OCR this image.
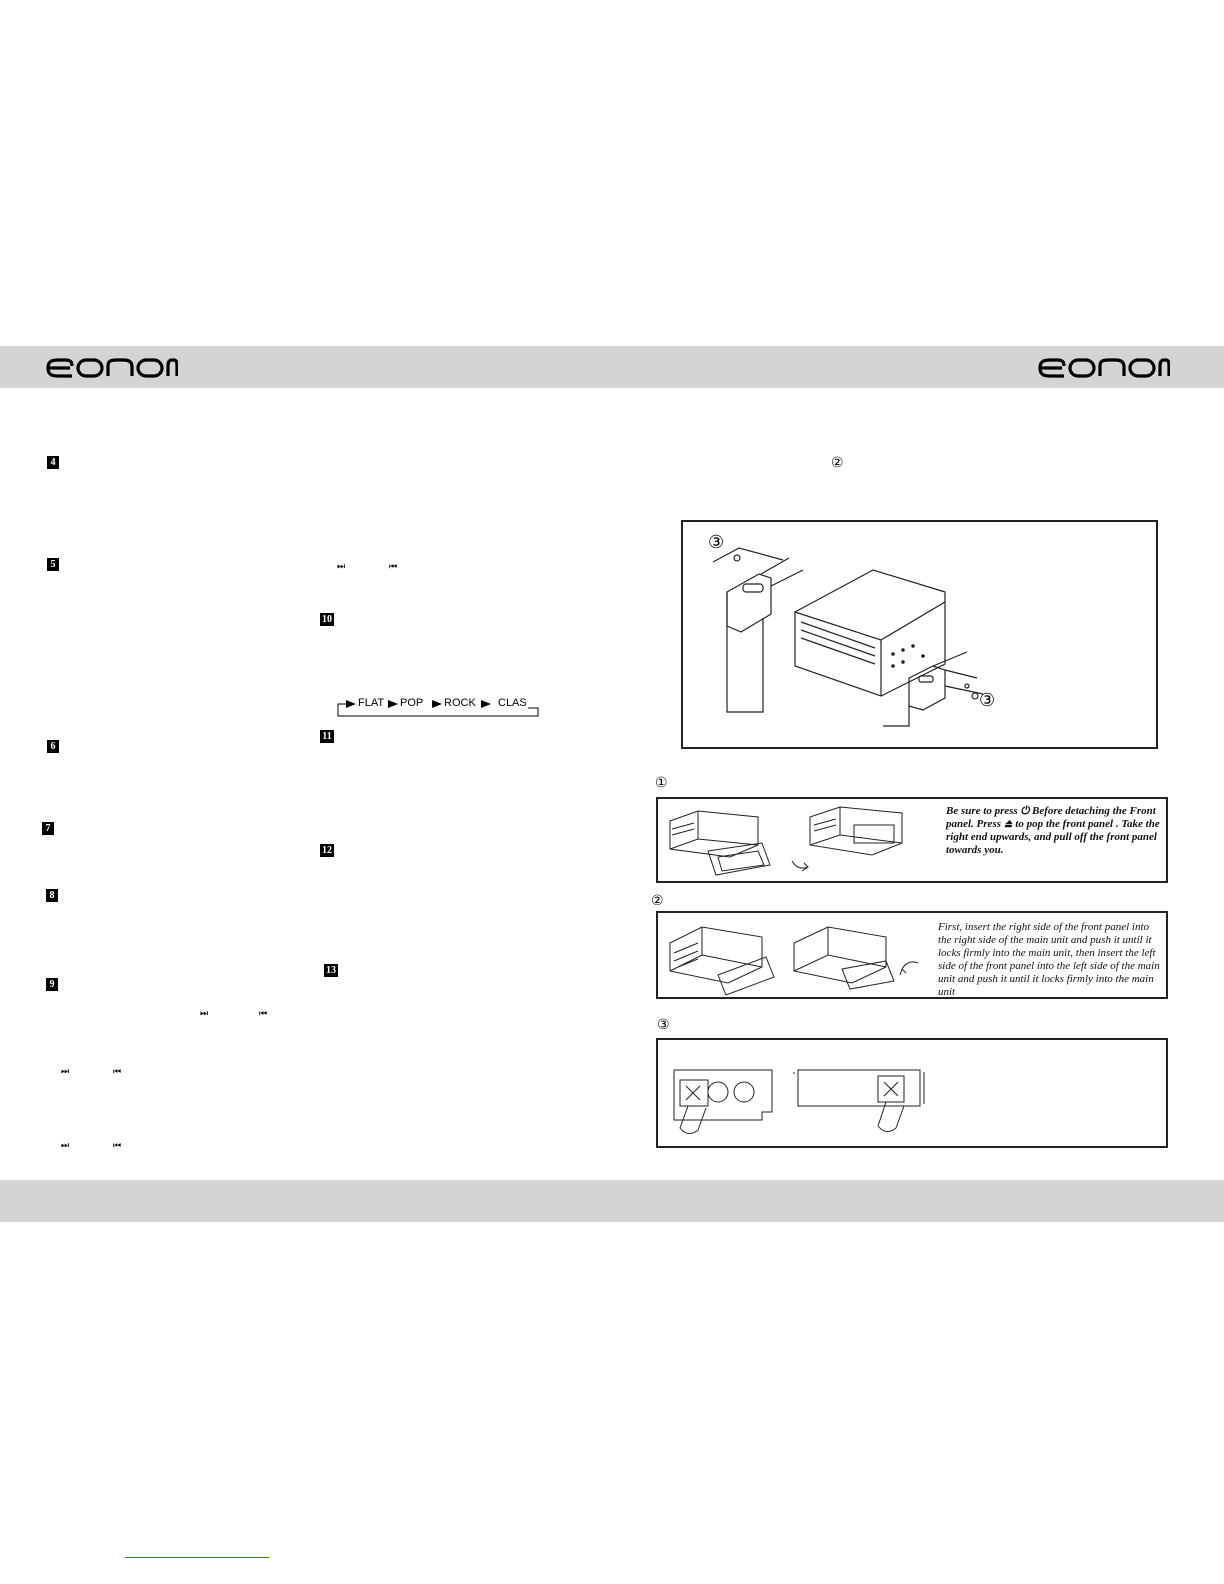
4
5
6
7
8
9
⏭	⏮
⏭	⏮
⏭	⏮
⏭	⏮
10
11
12
13
FLAT POP ROCK CLAS
②
③
③
①
Be sure to press ⏻ Before detaching the Front panel. Press ⏏ to pop the front panel . Take the right end upwards, and pull off the front panel towards you.
②
First, insert the right side of the front panel into the right side of the main unit and push it until it locks firmly into the main unit, then insert the left side of the front panel into the left side of the main unit and push it until it locks firmly into the main unit
③
